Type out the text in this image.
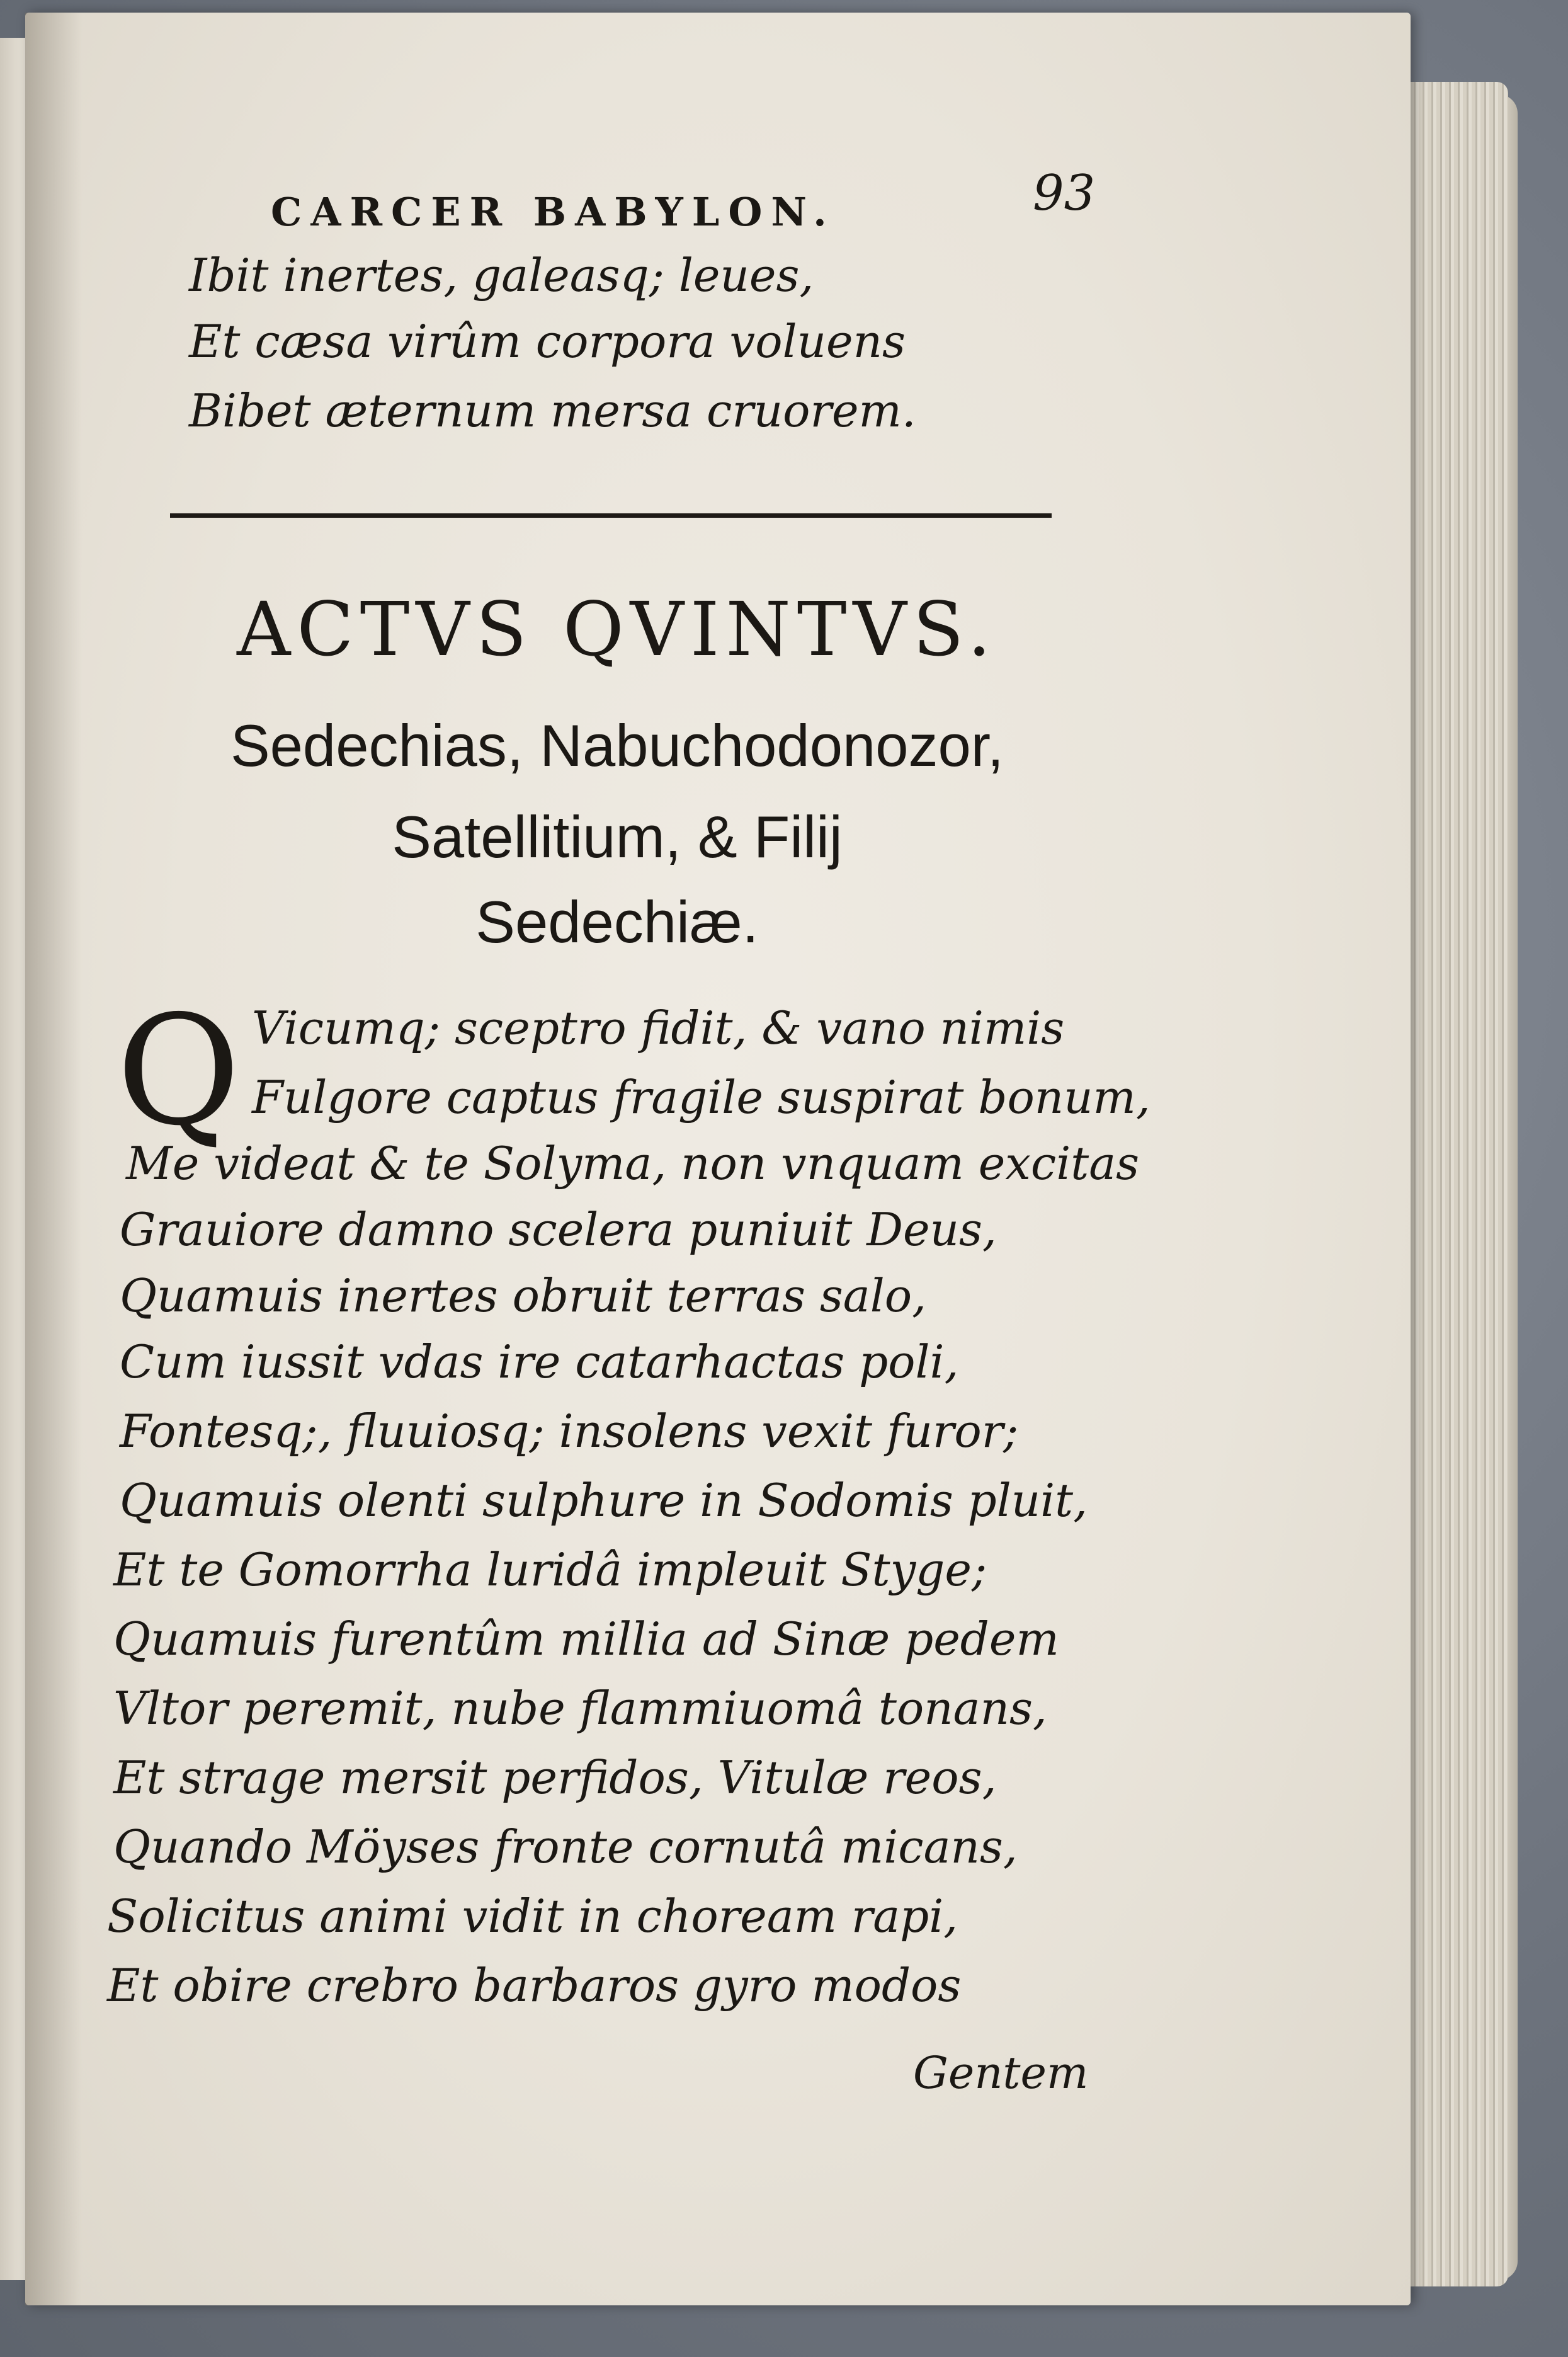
CARCER BABYLON.	93
Ibit inertes, galeasq; leues,
Et cæsa virûm corpora voluens
Bibet æternum mersa cruorem.
ACTVS QVINTVS.
Sedechias, Nabuchodonozor,
Satellitium, & Filij
Sedechiæ.
Q Vicumq; sceptro fidit, & vano nimis
Fulgore captus fragile suspirat bonum,
Me videat & te Solyma, non vnquam excitas
Grauiore damno scelera puniuit Deus,
Quamuis inertes obruit terras salo,
Cum iussit vdas ire catarhactas poli,
Fontesq;, fluuiosq; insolens vexit furor;
Quamuis olenti sulphure in Sodomis pluit,
Et te Gomorrha luridâ impleuit Styge;
Quamuis furentûm millia ad Sinæ pedem
Vltor peremit, nube flammiuomâ tonans,
Et strage mersit perfidos, Vitulæ reos,
Quando Möyses fronte cornutâ micans,
Solicitus animi vidit in choream rapi,
Et obire crebro barbaros gyro modos
Gentem
